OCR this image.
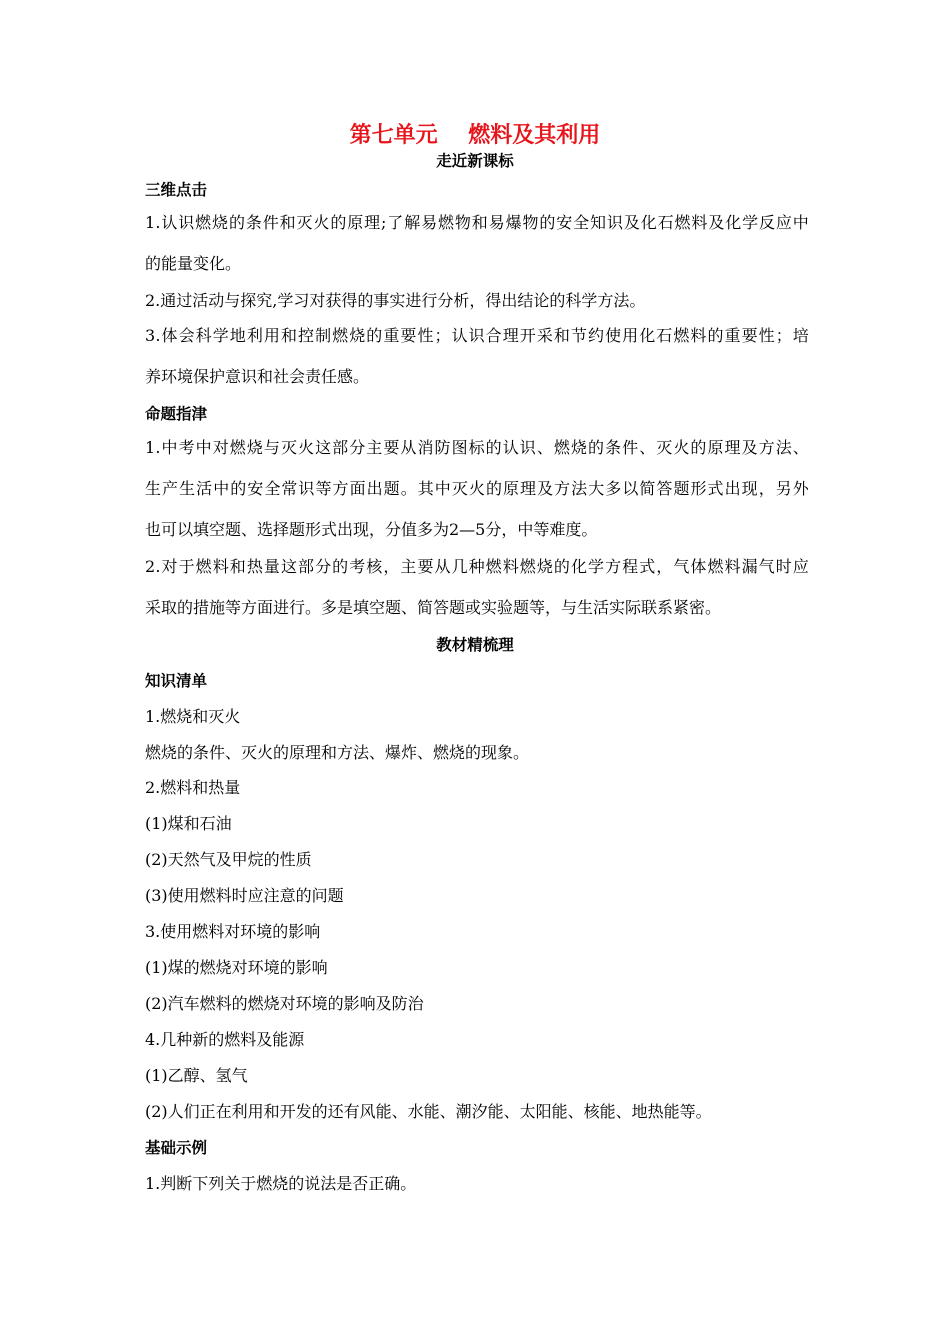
第七单元    燃料及其利用
走近新课标
三维点击
1.认识燃烧的条件和灭火的原理;了解易燃物和易爆物的安全知识及化石燃料及化学反应中
的能量变化。
2.通过活动与探究,学习对获得的事实进行分析，得出结论的科学方法。
3.体会科学地利用和控制燃烧的重要性；认识合理开采和节约使用化石燃料的重要性；培
养环境保护意识和社会责任感。
命题指津
1.中考中对燃烧与灭火这部分主要从消防图标的认识、燃烧的条件、灭火的原理及方法、
生产生活中的安全常识等方面出题。其中灭火的原理及方法大多以简答题形式出现，另外
也可以填空题、选择题形式出现，分值多为2—5分，中等难度。
2.对于燃料和热量这部分的考核，主要从几种燃料燃烧的化学方程式，气体燃料漏气时应
采取的措施等方面进行。多是填空题、简答题或实验题等，与生活实际联系紧密。
教材精梳理
知识清单
1.燃烧和灭火
燃烧的条件、灭火的原理和方法、爆炸、燃烧的现象。
2.燃料和热量
(1)煤和石油
(2)天然气及甲烷的性质
(3)使用燃料时应注意的问题
3.使用燃料对环境的影响
(1)煤的燃烧对环境的影响
(2)汽车燃料的燃烧对环境的影响及防治
4.几种新的燃料及能源
(1)乙醇、氢气
(2)人们正在利用和开发的还有风能、水能、潮汐能、太阳能、核能、地热能等。
基础示例
1.判断下列关于燃烧的说法是否正确。
